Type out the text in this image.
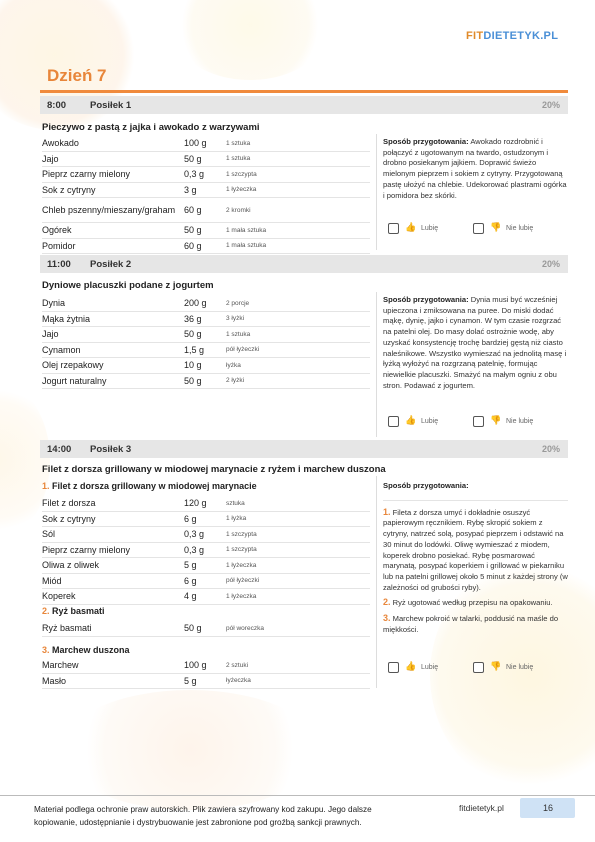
FITDIETETYK.PL
Dzień 7
8:00	Posiłek 1	20%
Pieczywo z pastą z jajka i awokado z warzywami
Awokado	100 g	1 sztuka
Jajo	50 g	1 sztuka
Pieprz czarny mielony	0,3 g	1 szczypta
Sok z cytryny	3 g	1 łyżeczka
Chleb pszenny/mieszany/graham	60 g	2 kromki
Ogórek	50 g	1 mała sztuka
Pomidor	60 g	1 mała sztuka
Sposób przygotowania: Awokado rozdrobnić i połączyć z ugotowanym na twardo, ostudzonym i drobno posiekanym jajkiem. Doprawić świeżo mielonym pieprzem i sokiem z cytryny. Przygotowaną pastę ułożyć na chlebie. Udekorować plastrami ogórka i pomidora bez skórki.
👍 Lubię	👎 Nie lubię
11:00 Posiłek 2	20%
Dyniowe placuszki podane z jogurtem
Dynia	200 g	2 porcje
Mąka żytnia	36 g	3 łyżki
Jajo	50 g	1 sztuka
Cynamon	1,5 g	pół łyżeczki
Olej rzepakowy	10 g	łyżka
Jogurt naturalny	50 g	2 łyżki
Sposób przygotowania: Dynia musi być wcześniej upieczona i zmiksowana na puree. Do miski dodać mąkę, dynię, jajko i cynamon. W tym czasie rozgrzać na patelni olej. Do masy dolać ostrożnie wodę, aby uzyskać konsystencję trochę bardziej gęstą niż ciasto naleśnikowe. Wszystko wymieszać na jednolitą masę i łyżką wyłożyć na rozgrzaną patelnię, formując niewielkie placuszki. Smażyć na małym ogniu z obu stron. Podawać z jogurtem.
👍 Lubię	👎 Nie lubię
14:00 Posiłek 3	20%
Filet z dorsza grillowany w miodowej marynacie z ryżem i marchew duszona
1. Filet z dorsza grillowany w miodowej marynacie
Filet z dorsza	120 g	sztuka
Sok z cytryny	6 g	1 łyżka
Sól	0,3 g	1 szczypta
Pieprz czarny mielony	0,3 g	1 szczypta
Oliwa z oliwek	5 g	1 łyżeczka
Miód	6 g	pół łyżeczki
Koperek	4 g	1 łyżeczka
2. Ryż basmati
Ryż basmati	50 g	pół woreczka
3. Marchew duszona
Marchew	100 g	2 sztuki
Masło	5 g	łyżeczka
Sposób przygotowania:
1. Fileta z dorsza umyć i dokładnie osuszyć papierowym ręcznikiem. Rybę skropić sokiem z cytryny, natrzeć solą, posypać pieprzem i odstawić na 30 minut do lodówki. Oliwę wymieszać z miodem, koperek drobno posiekać. Rybę posmarować marynatą, posypać koperkiem i grillować w piekarniku lub na patelni grillowej około 5 minut z każdej strony (w zależności od grubości ryby).
2. Ryż ugotować według przepisu na opakowaniu.
3. Marchew pokroić w talarki, poddusić na maśle do miękkości.
👍 Lubię	👎 Nie lubię
Materiał podlega ochronie praw autorskich. Plik zawiera szyfrowany kod zakupu. Jego dalsze kopiowanie, udostępnianie i dystrybuowanie jest zabronione pod groźbą sankcji prawnych.
fitdietetyk.pl	16
